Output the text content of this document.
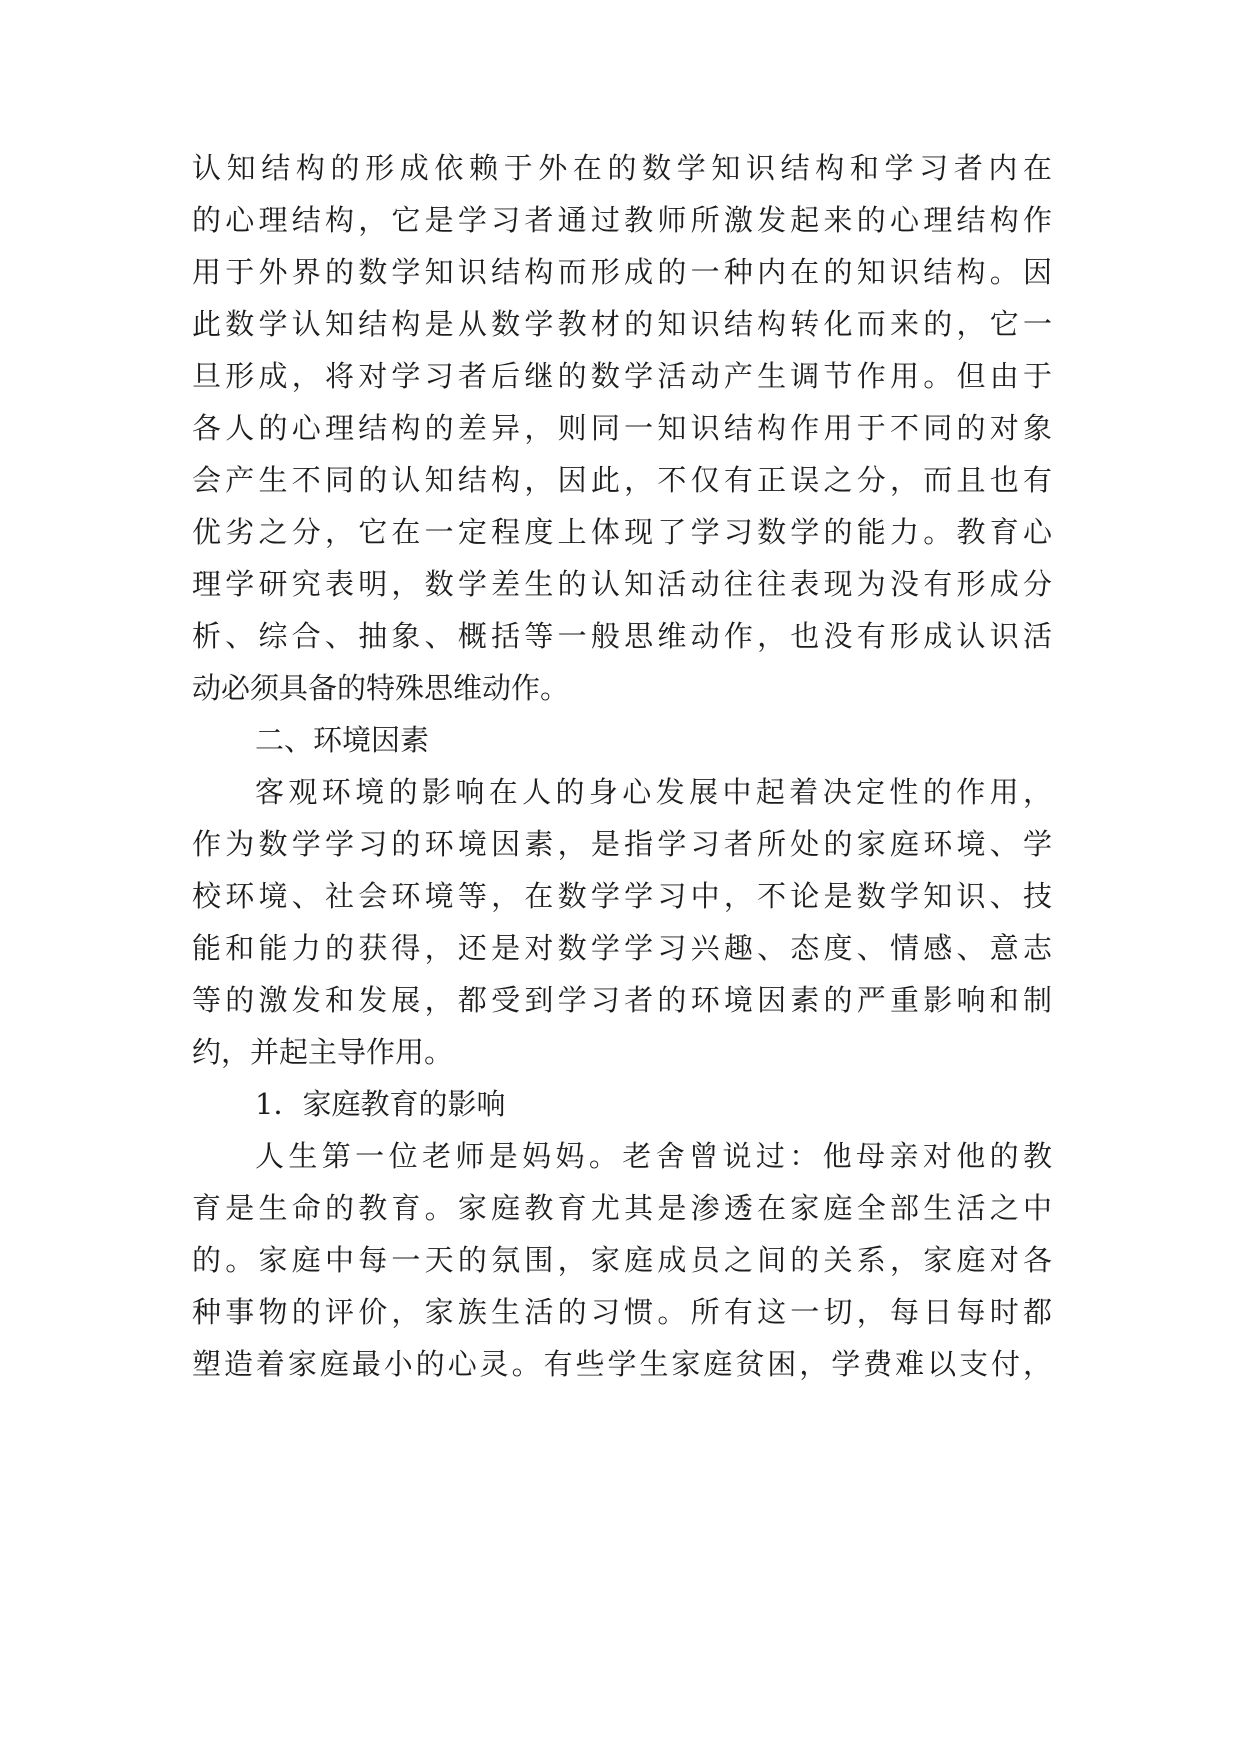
认知结构的形成依赖于外在的数学知识结构和学习者内在
的心理结构，它是学习者通过教师所激发起来的心理结构作
用于外界的数学知识结构而形成的一种内在的知识结构。因
此数学认知结构是从数学教材的知识结构转化而来的，它一
旦形成，将对学习者后继的数学活动产生调节作用。但由于
各人的心理结构的差异，则同一知识结构作用于不同的对象
会产生不同的认知结构，因此，不仅有正误之分，而且也有
优劣之分，它在一定程度上体现了学习数学的能力。教育心
理学研究表明，数学差生的认知活动往往表现为没有形成分
析、综合、抽象、概括等一般思维动作，也没有形成认识活
动必须具备的特殊思维动作。
二、环境因素
客观环境的影响在人的身心发展中起着决定性的作用，
作为数学学习的环境因素，是指学习者所处的家庭环境、学
校环境、社会环境等，在数学学习中，不论是数学知识、技
能和能力的获得，还是对数学学习兴趣、态度、情感、意志
等的激发和发展，都受到学习者的环境因素的严重影响和制
约，并起主导作用。
1．家庭教育的影响
人生第一位老师是妈妈。老舍曾说过：他母亲对他的教
育是生命的教育。家庭教育尤其是渗透在家庭全部生活之中
的。家庭中每一天的氛围，家庭成员之间的关系，家庭对各
种事物的评价，家族生活的习惯。所有这一切，每日每时都
塑造着家庭最小的心灵。有些学生家庭贫困，学费难以支付，
